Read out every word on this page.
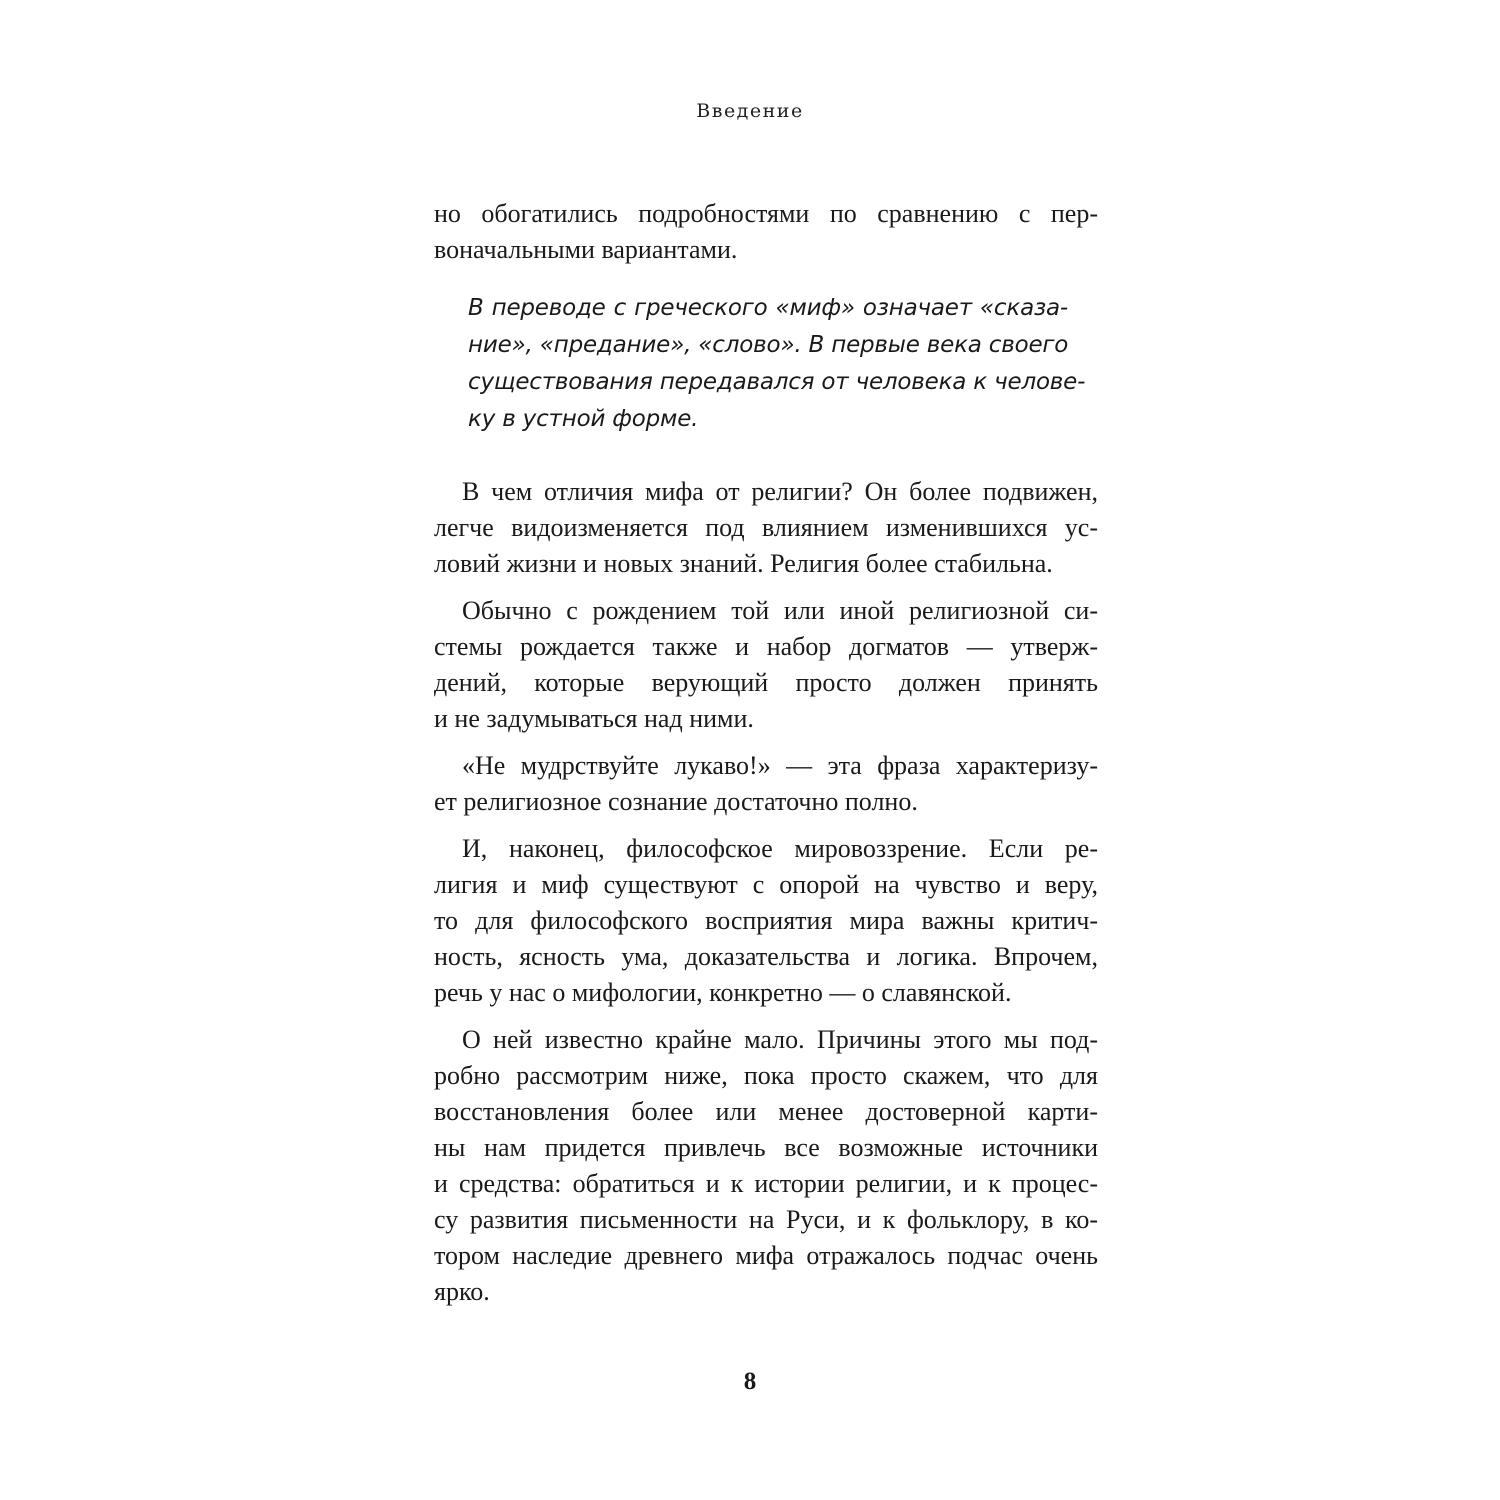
Введение
но обогатились подробностями по сравнению с пер-
воначальными вариантами.
В переводе с греческого «миф» означает «сказа-
ние», «предание», «слово». В первые века своего
существования передавался от человека к челове-
ку в устной форме.
В чем отличия мифа от религии? Он более подвижен,
легче видоизменяется под влиянием изменившихся ус-
ловий жизни и новых знаний. Религия более стабильна.
Обычно с рождением той или иной религиозной си-
стемы рождается также и набор догматов — утверж-
дений, которые верующий просто должен принять
и не задумываться над ними.
«Не мудрствуйте лукаво!» — эта фраза характеризу-
ет религиозное сознание достаточно полно.
И, наконец, философское мировоззрение. Если ре-
лигия и миф существуют с опорой на чувство и веру,
то для философского восприятия мира важны критич-
ность, ясность ума, доказательства и логика. Впрочем,
речь у нас о мифологии, конкретно — о славянской.
О ней известно крайне мало. Причины этого мы под-
робно рассмотрим ниже, пока просто скажем, что для
восстановления более или менее достоверной карти-
ны нам придется привлечь все возможные источники
и средства: обратиться и к истории религии, и к процес-
су развития письменности на Руси, и к фольклору, в ко-
тором наследие древнего мифа отражалось подчас очень
ярко.
8
